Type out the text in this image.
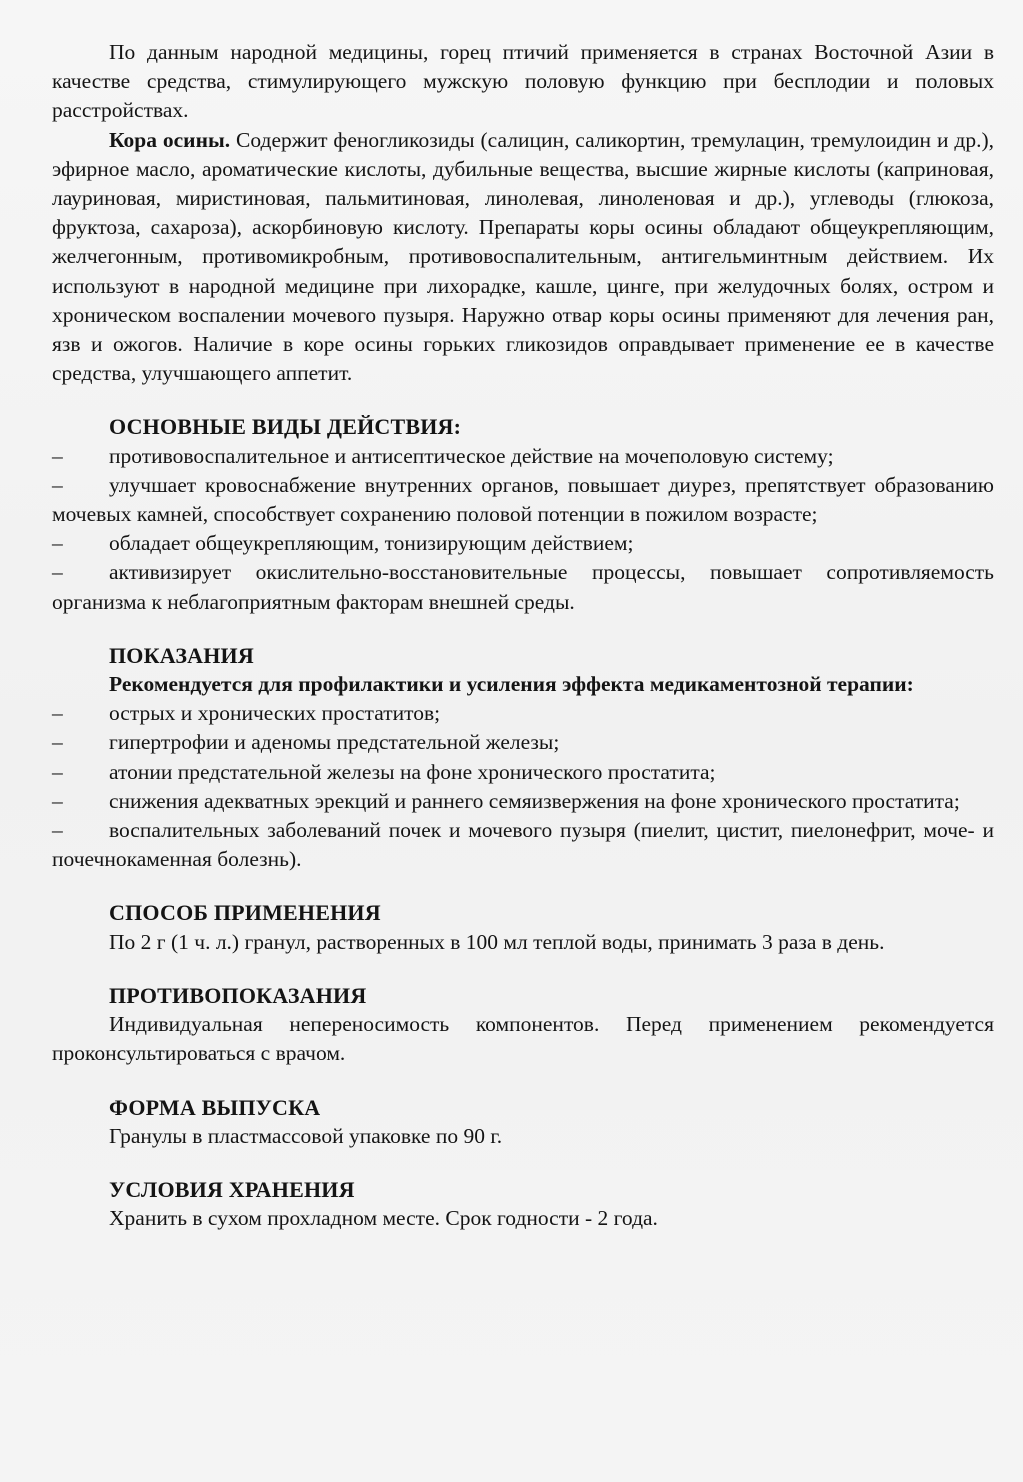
По данным народной медицины, горец птичий применяется в странах Восточной Азии в качестве средства, стимулирующего мужскую половую функцию при бесплодии и половых расстройствах.

Кора осины. Содержит феногликозиды (салицин, саликортин, тремулацин, тремулоидин и др.), эфирное масло, ароматические кислоты, дубильные вещества, высшие жирные кислоты (каприновая, лауриновая, миристиновая, пальмитиновая, линолевая, линоленовая и др.), углеводы (глюкоза, фруктоза, сахароза), аскорбиновую кислоту. Препараты коры осины обладают общеукрепляющим, желчегонным, противомикробным, противовоспалительным, антигельминтным действием. Их используют в народной медицине при лихорадке, кашле, цинге, при желудочных болях, остром и хроническом воспалении мочевого пузыря. Наружно отвар коры осины применяют для лечения ран, язв и ожогов. Наличие в коре осины горьких гликозидов оправдывает применение ее в качестве средства, улучшающего аппетит.

ОСНОВНЫЕ ВИДЫ ДЕЙСТВИЯ:

– противовоспалительное и антисептическое действие на мочеполовую систему;

– улучшает кровоснабжение внутренних органов, повышает диурез, препятствует образованию мочевых камней, способствует сохранению половой потенции в пожилом возрасте;

– обладает общеукрепляющим, тонизирующим действием;

– активизирует окислительно-восстановительные процессы, повышает сопротивляемость организма к неблагоприятным факторам внешней среды.

ПОКАЗАНИЯ

Рекомендуется для профилактики и усиления эффекта медикаментозной терапии:

– острых и хронических простатитов;

– гипертрофии и аденомы предстательной железы;

– атонии предстательной железы на фоне хронического простатита;

– снижения адекватных эрекций и раннего семяизвержения на фоне хронического простатита;

– воспалительных заболеваний почек и мочевого пузыря (пиелит, цистит, пиелонефрит, моче- и почечнокаменная болезнь).

СПОСОБ ПРИМЕНЕНИЯ

По 2 г (1 ч. л.) гранул, растворенных в 100 мл теплой воды, принимать 3 раза в день.

ПРОТИВОПОКАЗАНИЯ

Индивидуальная непереносимость компонентов. Перед применением рекомендуется проконсультироваться с врачом.

ФОРМА ВЫПУСКА

Гранулы в пластмассовой упаковке по 90 г.

УСЛОВИЯ ХРАНЕНИЯ

Хранить в сухом прохладном месте. Срок годности - 2 года.
